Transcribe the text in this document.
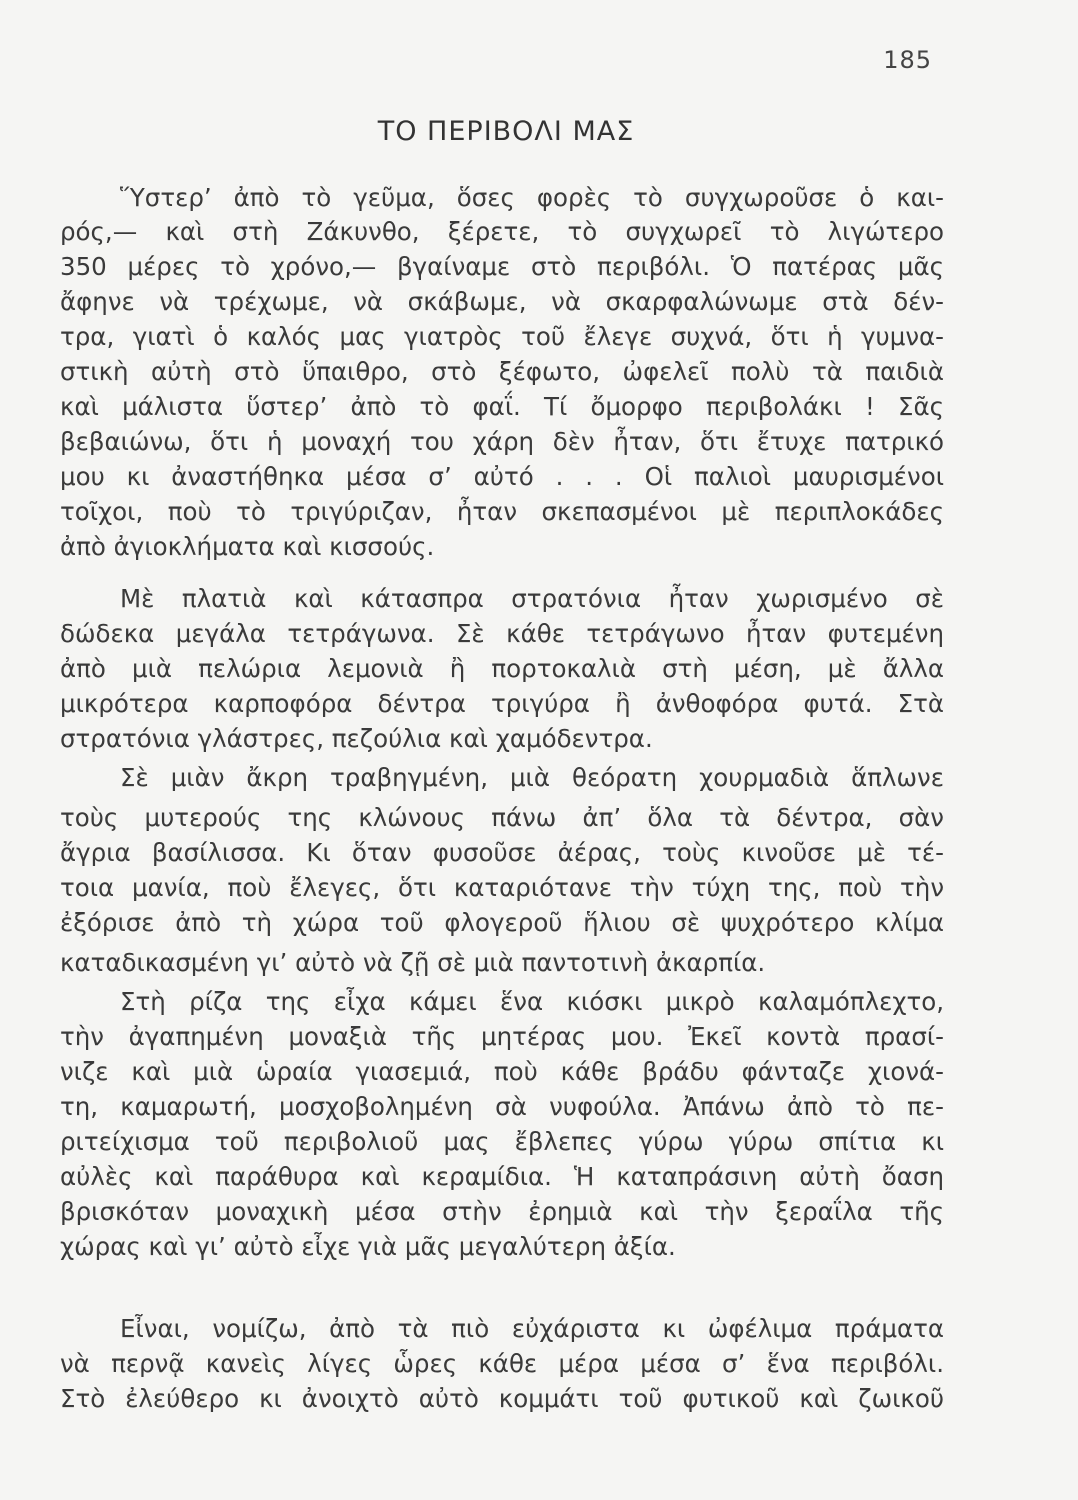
185
ΤΟ ΠΕΡΙΒΟΛΙ ΜΑΣ
Ὕστερ’ ἀπὸ τὸ γεῦμα, ὅσες φορὲς τὸ συγχωροῦσε ὁ και-
ρός,— καὶ στὴ Ζάκυνθο, ξέρετε, τὸ συγχωρεῖ τὸ λιγώτερο
350 μέρες τὸ χρόνο,— βγαίναμε στὸ περιβόλι. Ὁ πατέρας μᾶς
ἄφηνε νὰ τρέχωμε, νὰ σκάβωμε, νὰ σκαρφαλώνωμε στὰ δέν-
τρα, γιατὶ ὁ καλός μας γιατρὸς τοῦ ἔλεγε συχνά, ὅτι ἡ γυμνα-
στικὴ αὐτὴ στὸ ὕπαιθρο, στὸ ξέφωτο, ὠφελεῖ πολὺ τὰ παιδιὰ
καὶ μάλιστα ὕστερ’ ἀπὸ τὸ φαΐ. Τί ὄμορφο περιβολάκι ! Σᾶς
βεβαιώνω, ὅτι ἡ μοναχή του χάρη δὲν ἦταν, ὅτι ἔτυχε πατρικό
μου κι ἀναστήθηκα μέσα σ’ αὐτό . . . Οἱ παλιοὶ μαυρισμένοι
τοῖχοι, ποὺ τὸ τριγύριζαν, ἦταν σκεπασμένοι μὲ περιπλοκάδες
ἀπὸ ἀγιοκλήματα καὶ κισσούς.
Μὲ πλατιὰ καὶ κάτασπρα στρατόνια ἦταν χωρισμένο σὲ
δώδεκα μεγάλα τετράγωνα. Σὲ κάθε τετράγωνο ἦταν φυτεμένη
ἀπὸ μιὰ πελώρια λεμονιὰ ἢ πορτοκαλιὰ στὴ μέση, μὲ ἄλλα
μικρότερα καρποφόρα δέντρα τριγύρα ἢ ἀνθοφόρα φυτά. Στὰ
στρατόνια γλάστρες, πεζούλια καὶ χαμόδεντρα.
Σὲ μιὰν ἄκρη τραβηγμένη, μιὰ θεόρατη χουρμαδιὰ ἅπλωνε
τοὺς μυτερούς της κλώνους πάνω ἀπ’ ὅλα τὰ δέντρα, σὰν
ἄγρια βασίλισσα. Κι ὅταν φυσοῦσε ἀέρας, τοὺς κινοῦσε μὲ τέ-
τοια μανία, ποὺ ἔλεγες, ὅτι καταριότανε τὴν τύχη της, ποὺ τὴν
ἐξόρισε ἀπὸ τὴ χώρα τοῦ φλογεροῦ ἥλιου σὲ ψυχρότερο κλίμα
καταδικασμένη γι’ αὐτὸ νὰ ζῇ σὲ μιὰ παντοτινὴ ἀκαρπία.
Στὴ ρίζα της εἶχα κάμει ἕνα κιόσκι μικρὸ καλαμόπλεχτο,
τὴν ἀγαπημένη μοναξιὰ τῆς μητέρας μου. Ἐκεῖ κοντὰ πρασί-
νιζε καὶ μιὰ ὡραία γιασεμιά, ποὺ κάθε βράδυ φάνταζε χιονά-
τη, καμαρωτή, μοσχοβολημένη σὰ νυφούλα. Ἀπάνω ἀπὸ τὸ πε-
ριτείχισμα τοῦ περιβολιοῦ μας ἔβλεπες γύρω γύρω σπίτια κι
αὐλὲς καὶ παράθυρα καὶ κεραμίδια. Ἡ καταπράσινη αὐτὴ ὄαση
βρισκόταν μοναχικὴ μέσα στὴν ἐρημιὰ καὶ τὴν ξεραΐλα τῆς
χώρας καὶ γι’ αὐτὸ εἶχε γιὰ μᾶς μεγαλύτερη ἀξία.
Εἶναι, νομίζω, ἀπὸ τὰ πιὸ εὐχάριστα κι ὠφέλιμα πράματα
νὰ περνᾷ κανεὶς λίγες ὧρες κάθε μέρα μέσα σ’ ἕνα περιβόλι.
Στὸ ἐλεύθερο κι ἀνοιχτὸ αὐτὸ κομμάτι τοῦ φυτικοῦ καὶ ζωικοῦ
